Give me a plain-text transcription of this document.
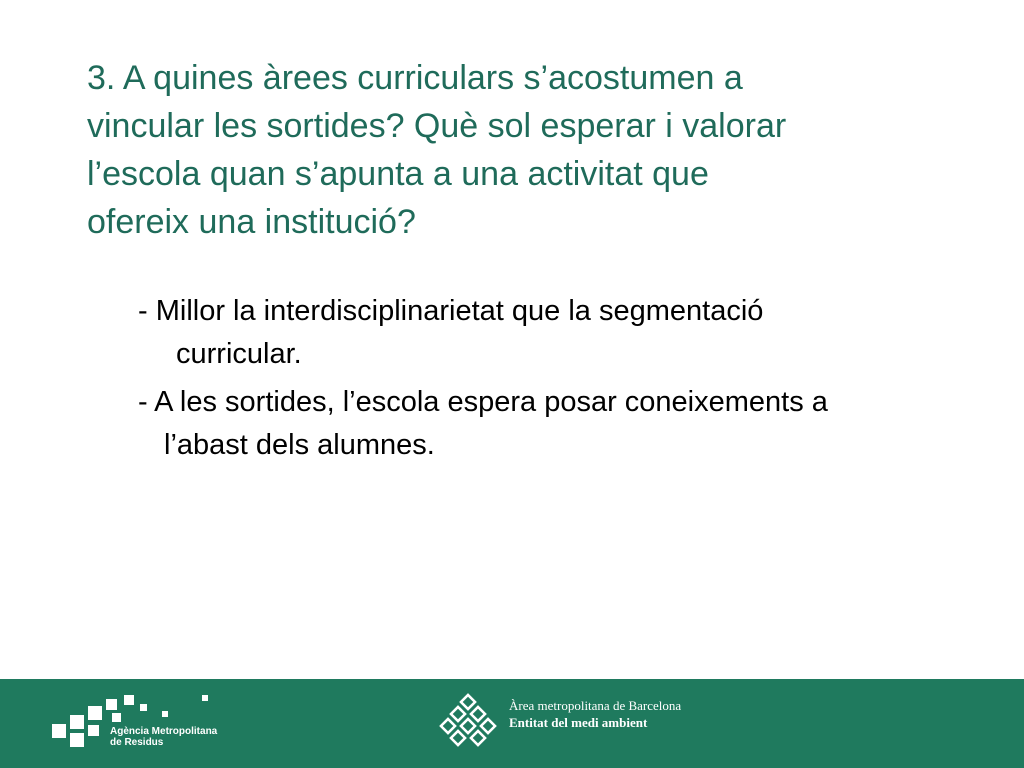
3. A quines àrees curriculars s’acostumen a
vincular les sortides? Què sol esperar i valorar
l’escola quan s’apunta a una activitat que
ofereix una institució?
- Millor la interdisciplinarietat que la segmentació
curricular.
- A les sortides, l’escola espera posar coneixements a
l’abast dels alumnes.
Agència Metropolitana
de Residus
Àrea metropolitana de Barcelona
Entitat del medi ambient
